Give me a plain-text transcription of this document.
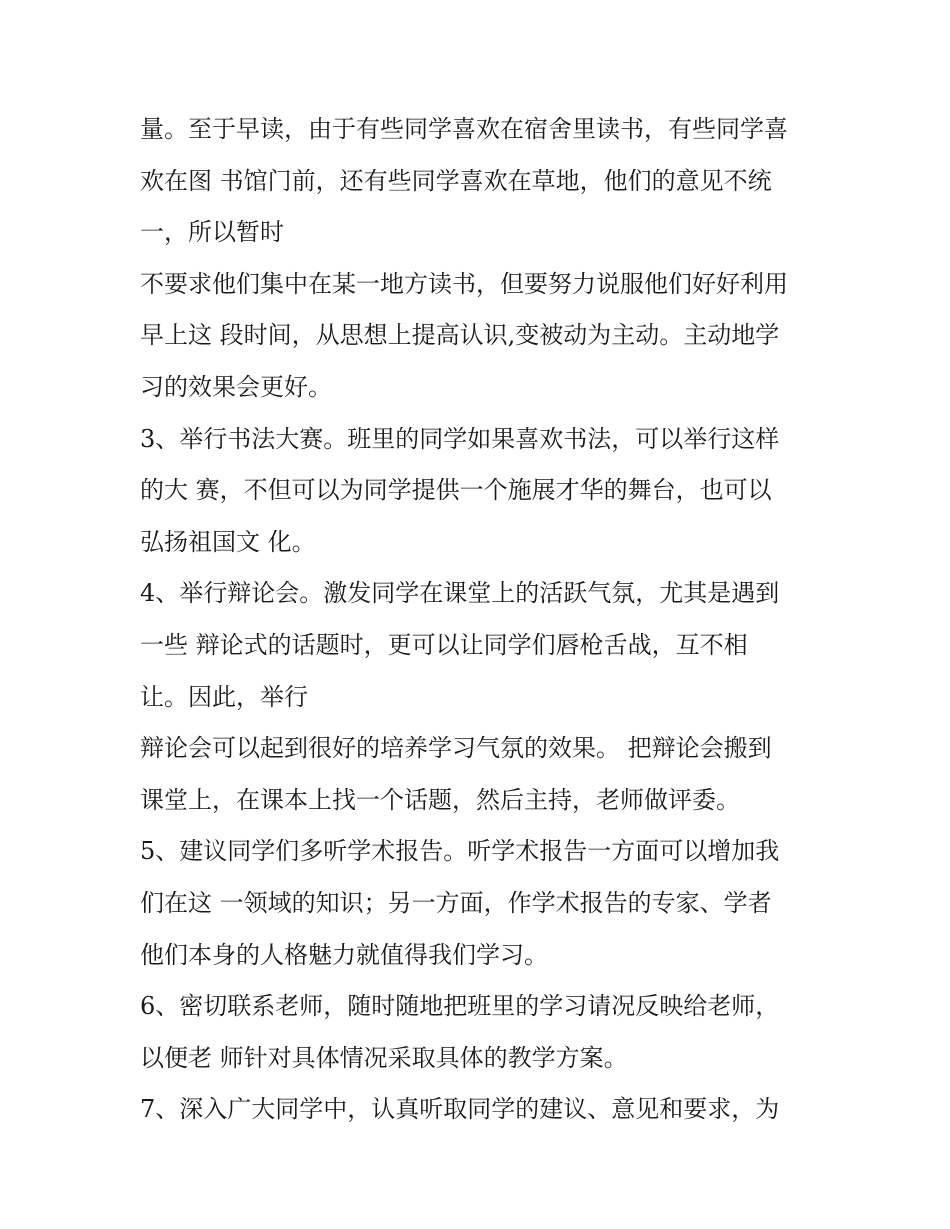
量。至于早读，由于有些同学喜欢在宿舍里读书，有些同学喜
欢在图 书馆门前，还有些同学喜欢在草地，他们的意见不统
一，所以暂时
不要求他们集中在某一地方读书，但要努力说服他们好好利用
早上这 段时间，从思想上提高认识,变被动为主动。主动地学
习的效果会更好。
3、举行书法大赛。班里的同学如果喜欢书法，可以举行这样
的大 赛，不但可以为同学提供一个施展才华的舞台，也可以
弘扬祖国文 化。
4、举行辩论会。激发同学在课堂上的活跃气氛，尤其是遇到
一些 辩论式的话题时，更可以让同学们唇枪舌战，互不相
让。因此，举行
辩论会可以起到很好的培养学习气氛的效果。 把辩论会搬到
课堂上，在课本上找一个话题，然后主持，老师做评委。
5、建议同学们多听学术报告。听学术报告一方面可以增加我
们在这 一领域的知识；另一方面，作学术报告的专家、学者
他们本身的人格魅力就值得我们学习。
6、密切联系老师，随时随地把班里的学习请况反映给老师，
以便老 师针对具体情况采取具体的教学方案。
7、深入广大同学中，认真听取同学的建议、意见和要求，为
